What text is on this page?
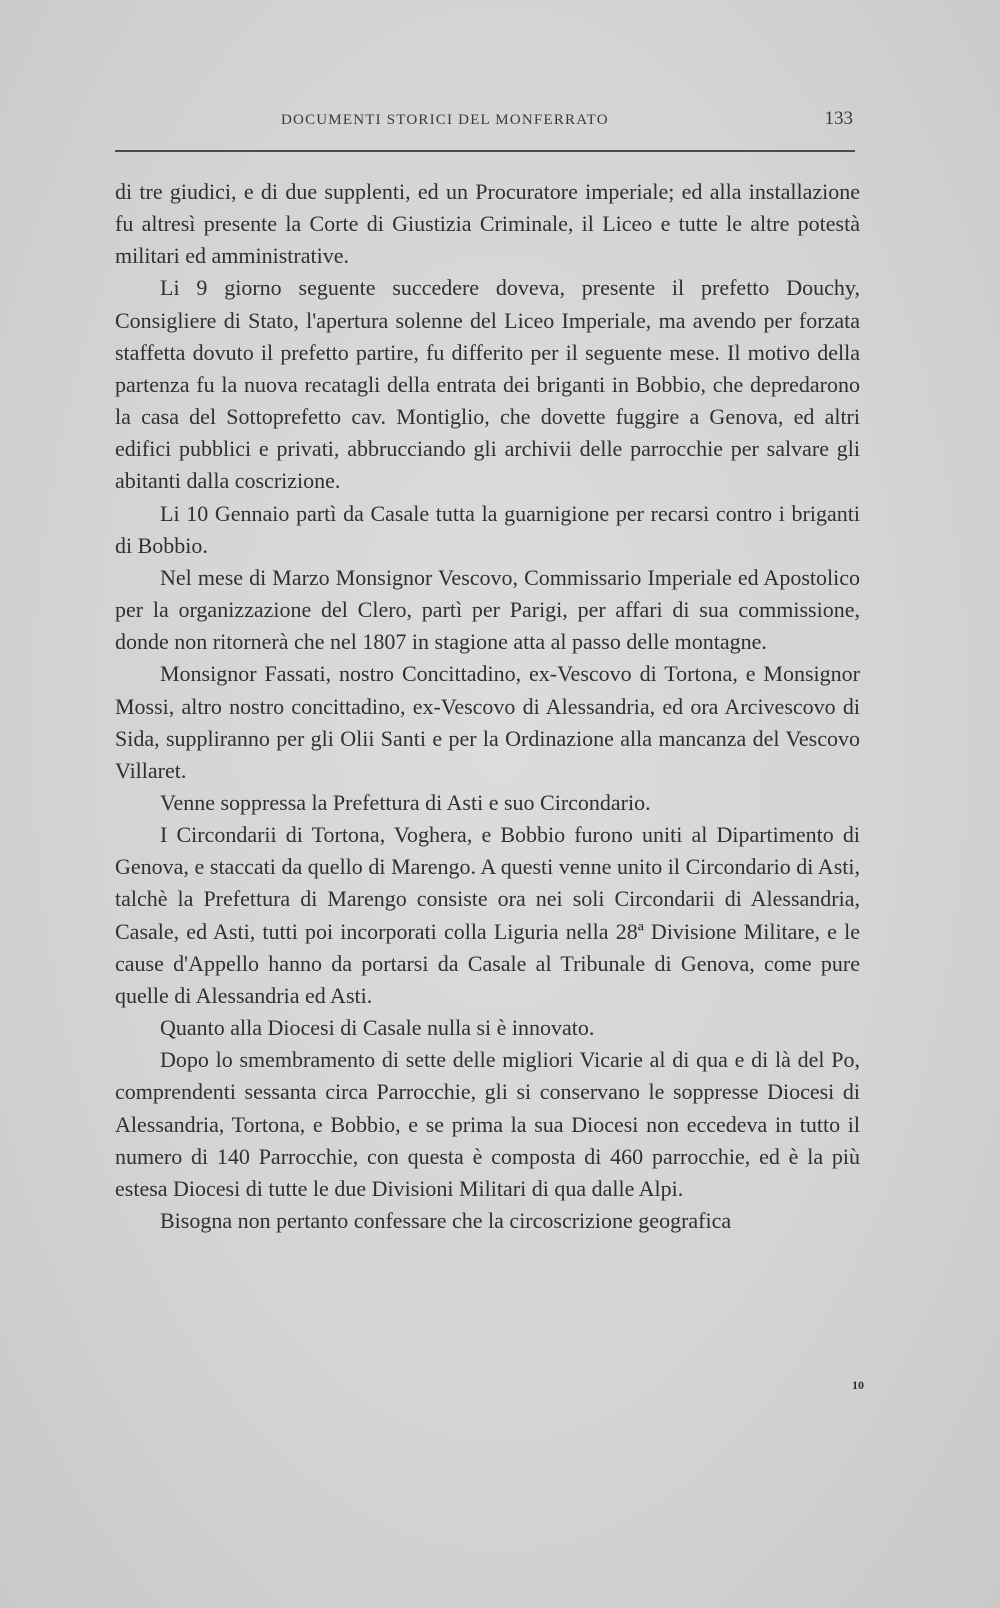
DOCUMENTI STORICI DEL MONFERRATO	133

di tre giudici, e di due supplenti, ed un Procuratore imperiale; ed alla installazione fu altresì presente la Corte di Giustizia Criminale, il Liceo e tutte le altre potestà militari ed amministrative.

Li 9 giorno seguente succedere doveva, presente il prefetto Douchy, Consigliere di Stato, l'apertura solenne del Liceo Imperiale, ma avendo per forzata staffetta dovuto il prefetto partire, fu differito per il seguente mese. Il motivo della partenza fu la nuova recatagli della entrata dei briganti in Bobbio, che depredarono la casa del Sottoprefetto cav. Montiglio, che dovette fuggire a Genova, ed altri edifici pubblici e privati, abbrucciando gli archivii delle parrocchie per salvare gli abitanti dalla coscrizione.

Li 10 Gennaio partì da Casale tutta la guarnigione per recarsi contro i briganti di Bobbio.

Nel mese di Marzo Monsignor Vescovo, Commissario Imperiale ed Apostolico per la organizzazione del Clero, partì per Parigi, per affari di sua commissione, donde non ritornerà che nel 1807 in stagione atta al passo delle montagne.

Monsignor Fassati, nostro Concittadino, ex-Vescovo di Tortona, e Monsignor Mossi, altro nostro concittadino, ex-Vescovo di Alessandria, ed ora Arcivescovo di Sida, suppliranno per gli Olii Santi e per la Ordinazione alla mancanza del Vescovo Villaret.

Venne soppressa la Prefettura di Asti e suo Circondario.

I Circondarii di Tortona, Voghera, e Bobbio furono uniti al Dipartimento di Genova, e staccati da quello di Marengo. A questi venne unito il Circondario di Asti, talchè la Prefettura di Marengo consiste ora nei soli Circondarii di Alessandria, Casale, ed Asti, tutti poi incorporati colla Liguria nella 28ª Divisione Militare, e le cause d'Appello hanno da portarsi da Casale al Tribunale di Genova, come pure quelle di Alessandria ed Asti.

Quanto alla Diocesi di Casale nulla si è innovato.

Dopo lo smembramento di sette delle migliori Vicarie al di qua e di là del Po, comprendenti sessanta circa Parrocchie, gli si conservano le soppresse Diocesi di Alessandria, Tortona, e Bobbio, e se prima la sua Diocesi non eccedeva in tutto il numero di 140 Parrocchie, con questa è composta di 460 parrocchie, ed è la più estesa Diocesi di tutte le due Divisioni Militari di qua dalle Alpi.

Bisogna non pertanto confessare che la circoscrizione geografica

10
